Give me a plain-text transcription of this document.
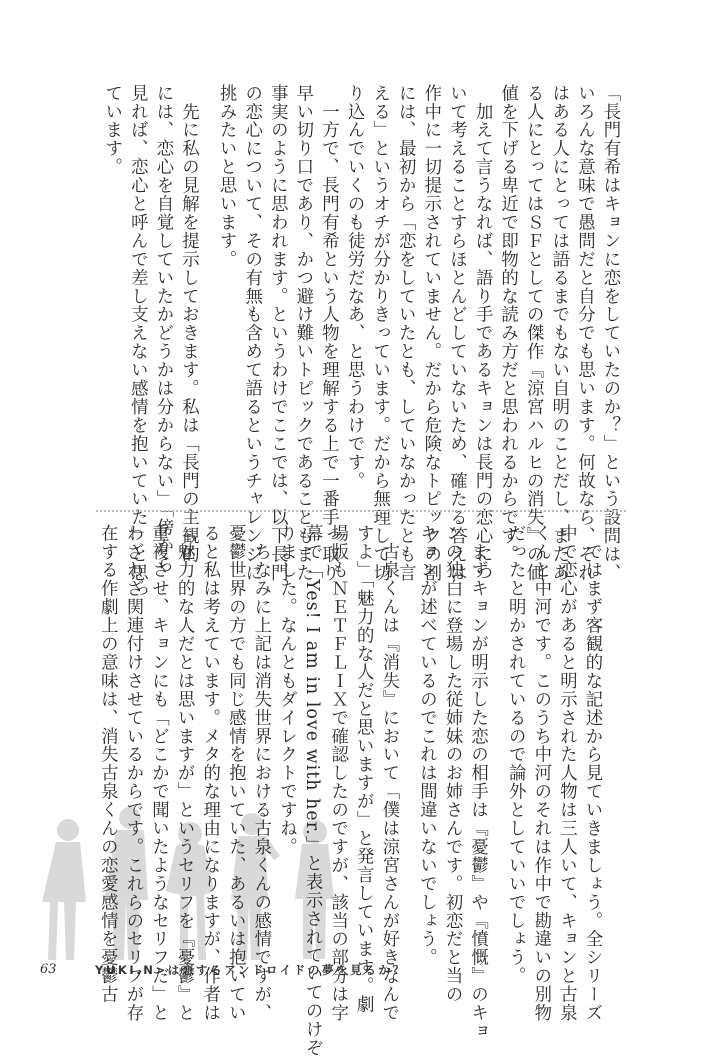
「長門有希はキョンに恋をしていたのか？」という設問は、
いろんな意味で愚問だと自分でも思います。何故なら、それ
はある人にとっては語るまでもない自明のことだし、またあ
る人にとってはＳＦとしての傑作『涼宮ハルヒの消失』の価
値を下げる卑近で即物的な読み方だと思われるからです。
　加えて言うなれば、語り手であるキョンは長門の恋心につ
いて考えることすらほとんどしていないため、確たる答えは
作中に一切提示されていません。だから危険なトピックの割
には、最初から「恋をしていたとも、していなかったとも言
える」というオチが分かりきっています。だから無理して切
り込んでいくのも徒労だなあ、と思うわけです。
　一方で、長門有希という人物を理解する上で一番手っ取り
早い切り口であり、かつ避け難いトピックであることもまた
事実のように思われます。というわけでここでは、以下長門
の恋心について、その有無も含めて語るというチャレンジに
挑みたいと思います。
　先に私の見解を提示しておきます。私は「長門の主観的
には、恋心を自覚していたかどうかは分からない」「傍から
見れば、恋心と呼んで差し支えない感情を抱いていた」と思っ
ています。
　ではまず客観的な記述から見ていきましょう。全シリーズ
中で恋心があると明示された人物は三人いて、キョンと古泉
くんと中河です。このうち中河のそれは作中で勘違いの別物
だったと明かされているので論外としていいでしょう。
　まずキョンが明示した恋の相手は『憂鬱』や『憤慨』のキョ
ンの独白に登場した従姉妹のお姉さんです。初恋だと当の
キョンが述べているのでこれは間違いないでしょう。
　古泉くんは『消失』において「僕は涼宮さんが好きなんで
すよ」「魅力的な人だと思いますが」と発言しています。劇
場版もＮＥＴＦＬＩＸで確認したのですが、該当の部分は字
幕で「Yes! I am in love with her.」と表示されていてのけぞ
りました。なんともダイレクトですね。
　ちなみに上記は消失世界における古泉くんの感情ですが、
憂鬱世界の方でも同じ感情を抱いていた、あるいは抱いてい
ると私は考えています。メタ的な理由になりますが、作者は
「魅力的な人だとは思いますが」というセリフを『憂鬱』と
重複させ、キョンにも「どこかで聞いたようなセリフだ」と
わざわざ関連付けさせているからです。これらのセリフが存
在する作劇上の意味は、消失古泉くんの恋愛感情を憂鬱古
63	YUKI.N>は恋するアンドロイドの夢を見るか？
